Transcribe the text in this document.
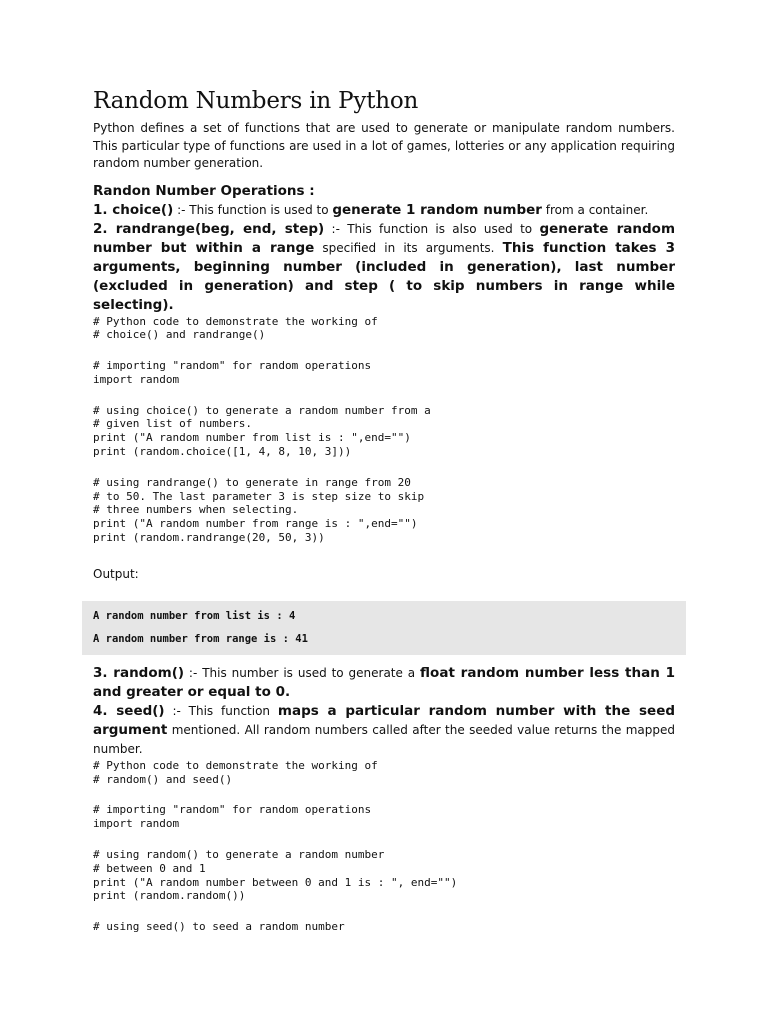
Random Numbers in Python

Python defines a set of functions that are used to generate or manipulate random numbers. This particular type of functions are used in a lot of games, lotteries or any application requiring random number generation.

Randon Number Operations :

1. choice() :- This function is used to generate 1 random number from a container.

2. randrange(beg, end, step) :- This function is also used to generate random number but within a range specified in its arguments. This function takes 3 arguments, beginning number (included in generation), last number (excluded in generation) and step ( to skip numbers in range while selecting).

# Python code to demonstrate the working of
# choice() and randrange()
# importing "random" for random operations
import random
# using choice() to generate a random number from a
# given list of numbers.
print ("A random number from list is : ",end="")
print (random.choice([1, 4, 8, 10, 3]))
# using randrange() to generate in range from 20
# to 50. The last parameter 3 is step size to skip
# three numbers when selecting.
print ("A random number from range is : ",end="")
print (random.randrange(20, 50, 3))
Output:
A random number from list is : 4
A random number from range is : 41

3. random() :- This number is used to generate a float random number less than 1 and greater or equal to 0.

4. seed() :- This function maps a particular random number with the seed argument mentioned. All random numbers called after the seeded value returns the mapped number.

# Python code to demonstrate the working of
# random() and seed()
# importing "random" for random operations
import random
# using random() to generate a random number
# between 0 and 1
print ("A random number between 0 and 1 is : ", end="")
print (random.random())
# using seed() to seed a random number
